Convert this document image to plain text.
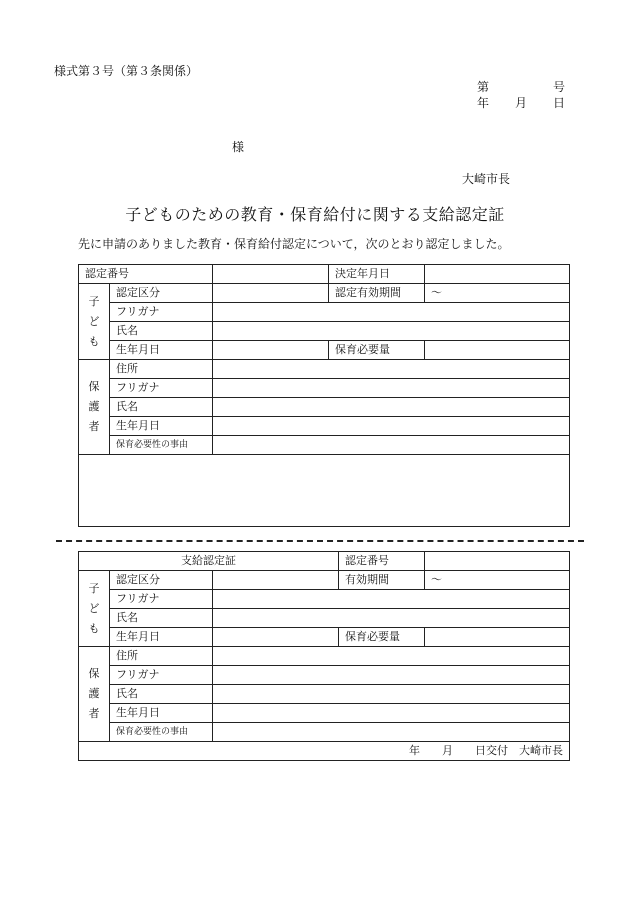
様式第３号（第３条関係）
第	号
年 月 日
様
大崎市長
子どものための教育・保育給付に関する支給認定証
先に申請のありました教育・保育給付認定について，次のとおり認定しました。
認定番号			決定年月日	

子
ど
も	認定区分		認定有効期間	～
	フリガナ			
	氏名			
	生年月日		保育必要量	

保
護
者	住所			
	フリガナ			
	氏名			
	生年月日			
	保育必要性の事由			

支給認定証			認定番号	

子
ど
も	認定区分		有効期間	～
	フリガナ			
	氏名			
	生年月日		保育必要量	

保
護
者	住所			
	フリガナ			
	氏名			
	生年月日			
	保育必要性の事由			
年　　月　　日交付　大崎市長				
